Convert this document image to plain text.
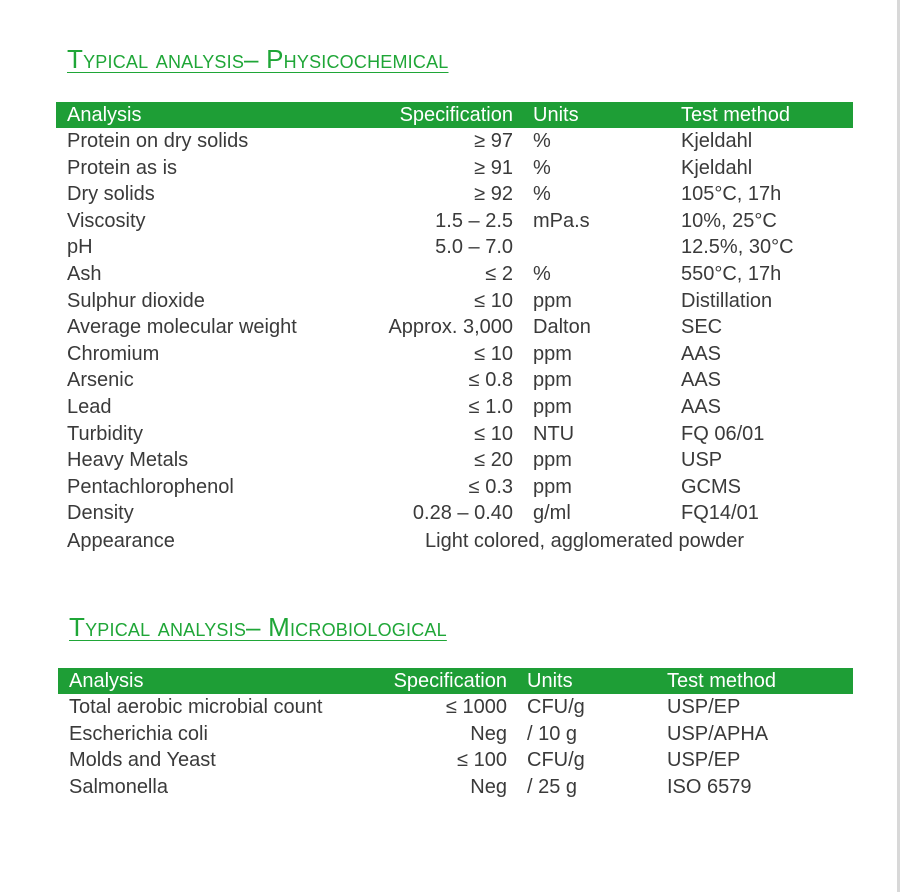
Typical analysis– Physicochemical
Analysis	Specification Units	Test method
Protein on dry solids	≥ 97 %	Kjeldahl
Protein as is	≥ 91 %	Kjeldahl
Dry solids	≥ 92 %	105°C, 17h
Viscosity	1.5 – 2.5 mPa.s	10%, 25°C
pH	5.0 – 7.0	12.5%, 30°C
Ash	≤ 2 %	550°C, 17h
Sulphur dioxide	≤ 10 ppm	Distillation
Average molecular weight	Approx. 3,000 Dalton	SEC
Chromium	≤ 10 ppm	AAS
Arsenic	≤ 0.8 ppm	AAS
Lead	≤ 1.0 ppm	AAS
Turbidity	≤ 10 NTU	FQ 06/01
Heavy Metals	≤ 20 ppm	USP
Pentachlorophenol	≤ 0.3 ppm	GCMS
Density	0.28 – 0.40 g/ml	FQ14/01
Appearance	Light colored, agglomerated powder
Typical analysis– Microbiological
Analysis	Specification Units	Test method
Total aerobic microbial count	≤ 1000 CFU/g	USP/EP
Escherichia coli	Neg / 10 g	USP/APHA
Molds and Yeast	≤ 100 CFU/g	USP/EP
Salmonella	Neg / 25 g	ISO 6579
